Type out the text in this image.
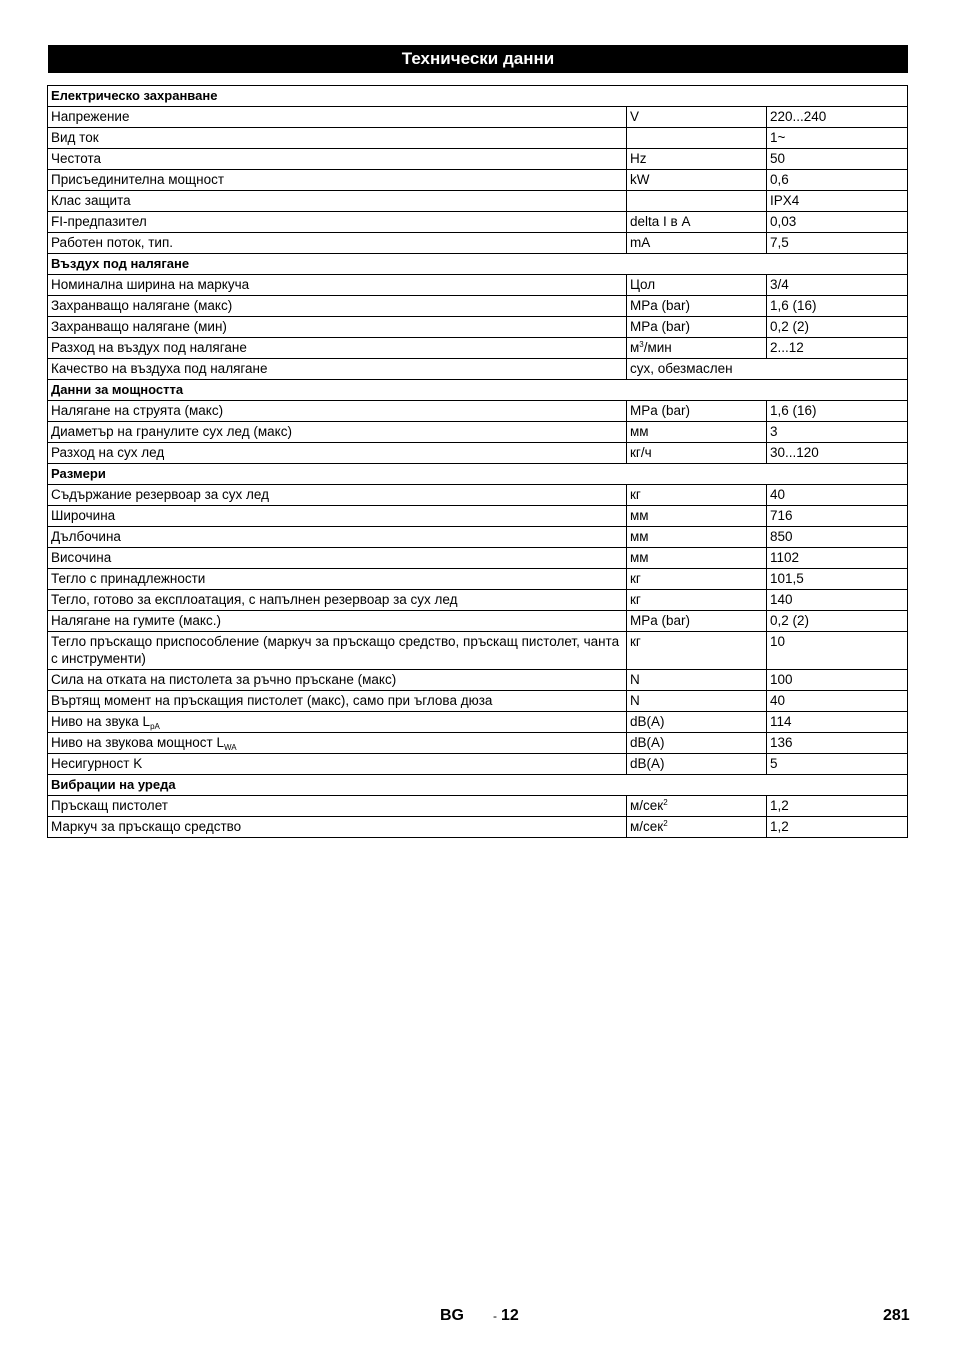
Технически данни
Електрическо захранване		
Напрежение	V	220...240
Вид ток		1~
Честота	Hz	50
Присъединителна мощност	kW	0,6
Клас защита		IPX4
FI-предпазител	delta I в A	0,03
Работен поток, тип.	mA	7,5
Въздух под налягане		
Номинална ширина на маркуча	Цол	3/4
Захранващо налягане (макс)	MPa (bar)	1,6 (16)
Захранващо налягане (мин)	MPa (bar)	0,2 (2)
Разход на въздух под налягане	$м^3$/мин	2...12
Качество на въздуха под налягане	сух, обезмаслен	
Данни за мощността		
Налягане на струята (макс)	MPa (bar)	1,6 (16)
Диаметър на гранулите сух лед (макс)	мм	3
Разход на сух лед	кг/ч	30...120
Размери		
Съдържание резервоар за сух лед	кг	40
Широчина	мм	716
Дълбочина	мм	850
Височина	мм	1102
Тегло с принадлежности	кг	101,5
Тегло, готово за експлоатация, с напълнен резервоар за сух лед	кг	140
Налягане на гумите (макс.)	MPa (bar)	0,2 (2)
Тегло пръскащо приспособление (маркуч за пръскащо средство, пръскащ пистолет, чанта с инструменти)	кг	10
Сила на отката на пистолета за ръчно пръскане (макс)	N	100
Въртящ момент на пръскащия пистолет (макс), само при ъглова дюза	N	40
Ниво на звука $L_{pA}$	dB(A)	114
Ниво на звукова мощност $L_{WA}$	dB(A)	136
Несигурност K	dB(A)	5
Вибрации на уреда		
Пръскащ пистолет	м/сек$^2$	1,2
Маркуч за пръскащо средство	м/сек$^2$	1,2
BG - 12	281
